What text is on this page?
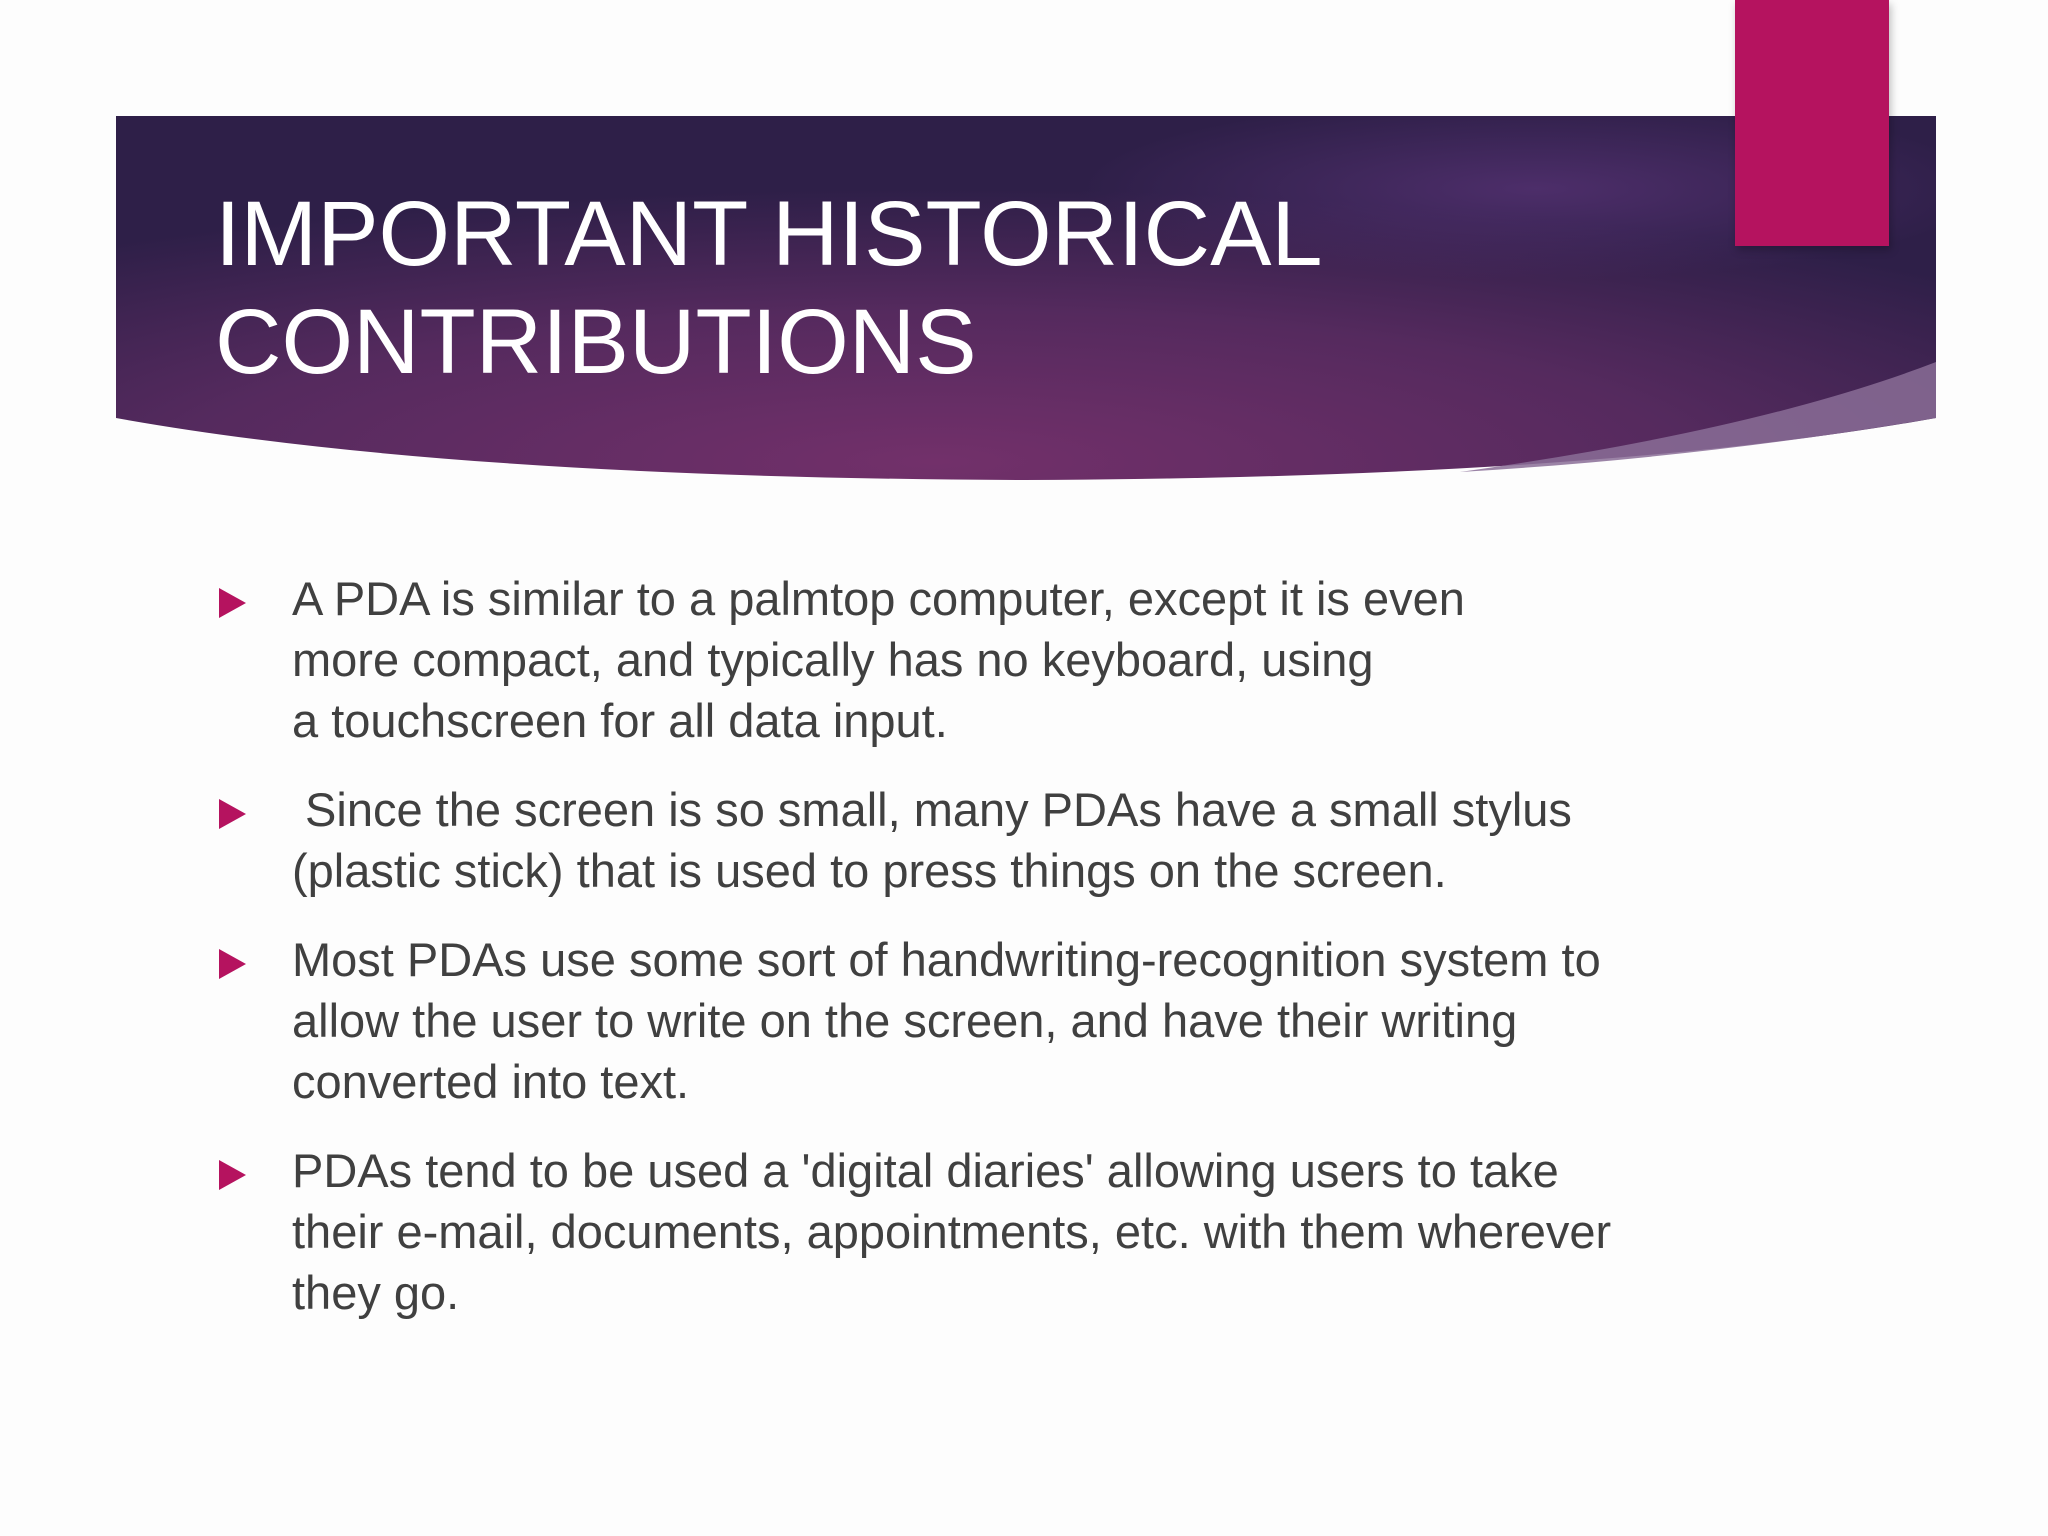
IMPORTANT HISTORICAL
CONTRIBUTIONS
A PDA is similar to a palmtop computer, except it is even
more compact, and typically has no keyboard, using
a touchscreen for all data input.
Since the screen is so small, many PDAs have a small stylus
(plastic stick) that is used to press things on the screen.
Most PDAs use some sort of handwriting-recognition system to
allow the user to write on the screen, and have their writing
converted into text.
PDAs tend to be used a 'digital diaries' allowing users to take
their e-mail, documents, appointments, etc. with them wherever
they go.
